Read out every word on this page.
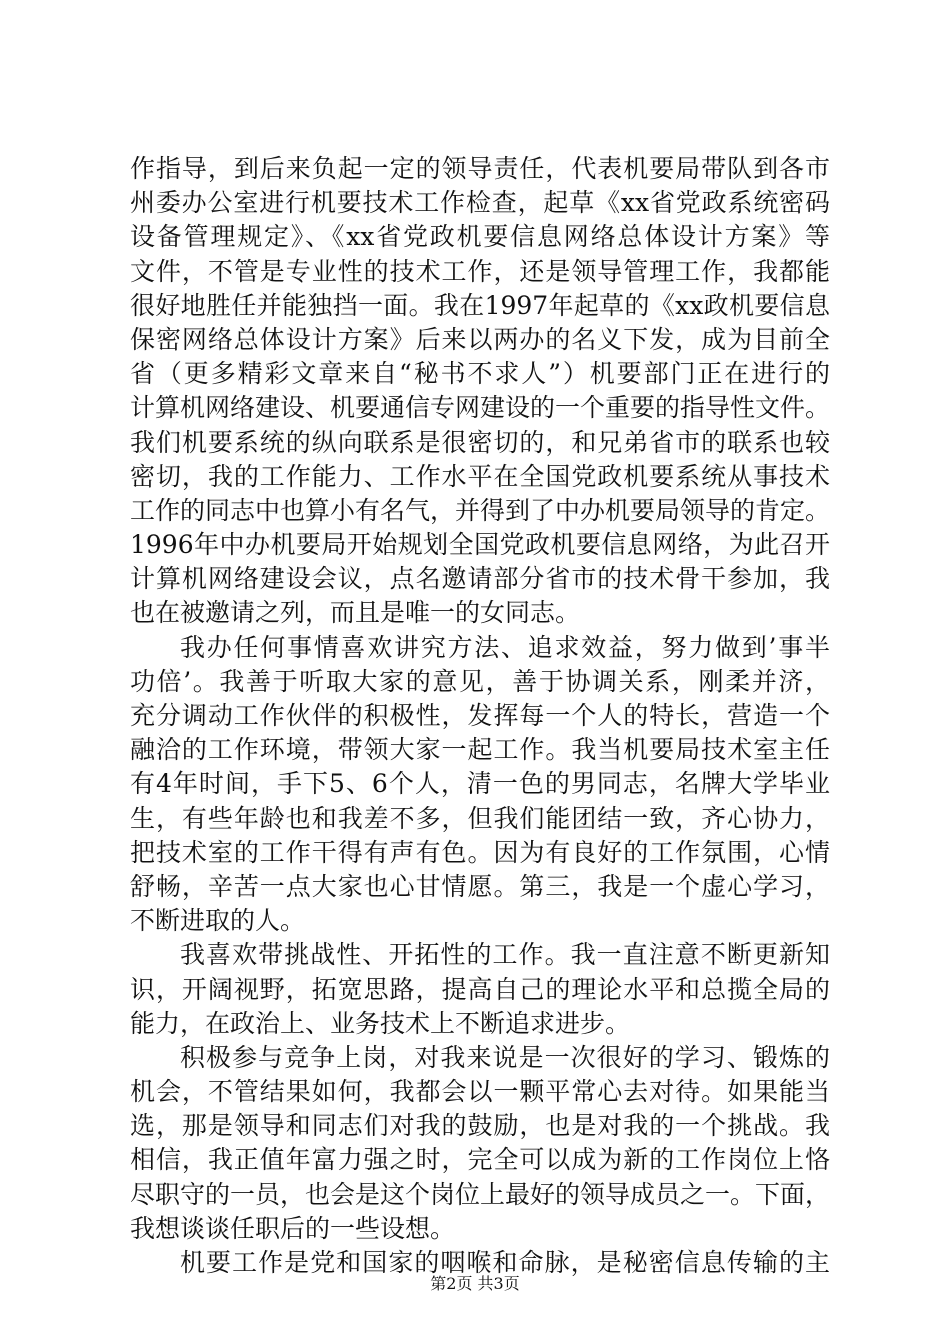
作指导，到后来负起一定的领导责任，代表机要局带队到各市
州委办公室进行机要技术工作检查，起草《xx省党政系统密码
设备管理规定》、《xx省党政机要信息网络总体设计方案》等
文件，不管是专业性的技术工作，还是领导管理工作，我都能
很好地胜任并能独挡一面。我在1997年起草的《xx政机要信息
保密网络总体设计方案》后来以两办的名义下发，成为目前全
省（更多精彩文章来自“秘书不求人”）机要部门正在进行的
计算机网络建设、机要通信专网建设的一个重要的指导性文件。
我们机要系统的纵向联系是很密切的，和兄弟省市的联系也较
密切，我的工作能力、工作水平在全国党政机要系统从事技术
工作的同志中也算小有名气，并得到了中办机要局领导的肯定。
1996年中办机要局开始规划全国党政机要信息网络，为此召开
计算机网络建设会议，点名邀请部分省市的技术骨干参加，我
也在被邀请之列，而且是唯一的女同志。
我办任何事情喜欢讲究方法、追求效益，努力做到’事半
功倍’。我善于听取大家的意见，善于协调关系，刚柔并济，
充分调动工作伙伴的积极性，发挥每一个人的特长，营造一个
融洽的工作环境，带领大家一起工作。我当机要局技术室主任
有4年时间，手下5、6个人，清一色的男同志，名牌大学毕业
生，有些年龄也和我差不多，但我们能团结一致，齐心协力，
把技术室的工作干得有声有色。因为有良好的工作氛围，心情
舒畅，辛苦一点大家也心甘情愿。第三，我是一个虚心学习，
不断进取的人。
我喜欢带挑战性、开拓性的工作。我一直注意不断更新知
识，开阔视野，拓宽思路，提高自己的理论水平和总揽全局的
能力，在政治上、业务技术上不断追求进步。
积极参与竞争上岗，对我来说是一次很好的学习、锻炼的
机会，不管结果如何，我都会以一颗平常心去对待。如果能当
选，那是领导和同志们对我的鼓励，也是对我的一个挑战。我
相信，我正值年富力强之时，完全可以成为新的工作岗位上恪
尽职守的一员，也会是这个岗位上最好的领导成员之一。下面，
我想谈谈任职后的一些设想。
机要工作是党和国家的咽喉和命脉，是秘密信息传输的主
第2页 共3页
